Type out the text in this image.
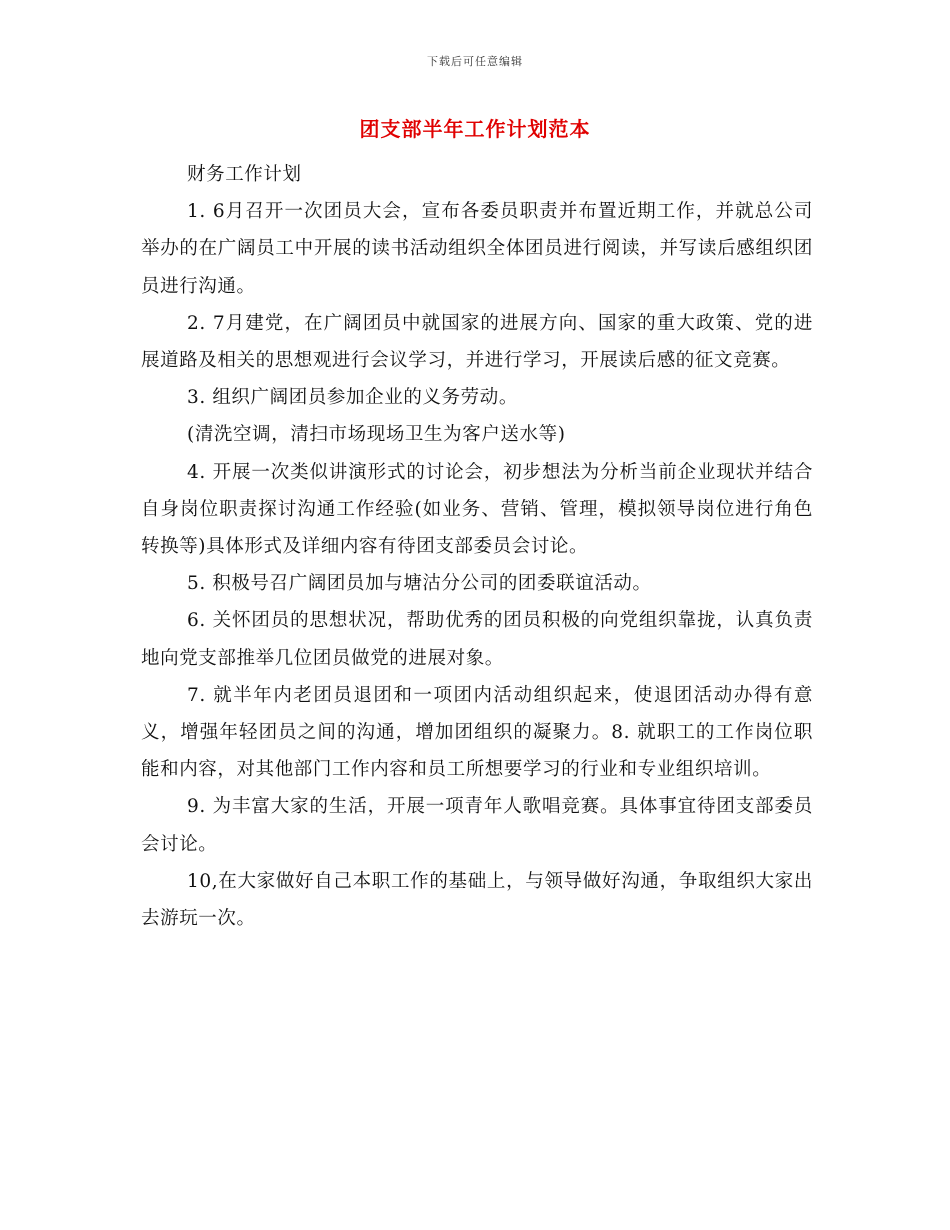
下载后可任意编辑
团支部半年工作计划范本

财务工作计划

1. 6月召开一次团员大会，宣布各委员职责并布置近期工作，并就总公司举办的在广阔员工中开展的读书活动组织全体团员进行阅读，并写读后感组织团员进行沟通。

2. 7月建党，在广阔团员中就国家的进展方向、国家的重大政策、党的进展道路及相关的思想观进行会议学习，并进行学习，开展读后感的征文竞赛。

3. 组织广阔团员参加企业的义务劳动。

(清洗空调，清扫市场现场卫生为客户送水等)

4. 开展一次类似讲演形式的讨论会，初步想法为分析当前企业现状并结合自身岗位职责探讨沟通工作经验(如业务、营销、管理，模拟领导岗位进行角色转换等)具体形式及详细内容有待团支部委员会讨论。

5. 积极号召广阔团员加与塘沽分公司的团委联谊活动。

6. 关怀团员的思想状况，帮助优秀的团员积极的向党组织靠拢，认真负责地向党支部推举几位团员做党的进展对象。

7. 就半年内老团员退团和一项团内活动组织起来，使退团活动办得有意义，增强年轻团员之间的沟通，增加团组织的凝聚力。8. 就职工的工作岗位职能和内容，对其他部门工作内容和员工所想要学习的行业和专业组织培训。

9. 为丰富大家的生活，开展一项青年人歌唱竞赛。具体事宜待团支部委员会讨论。

10,在大家做好自己本职工作的基础上，与领导做好沟通，争取组织大家出去游玩一次。
